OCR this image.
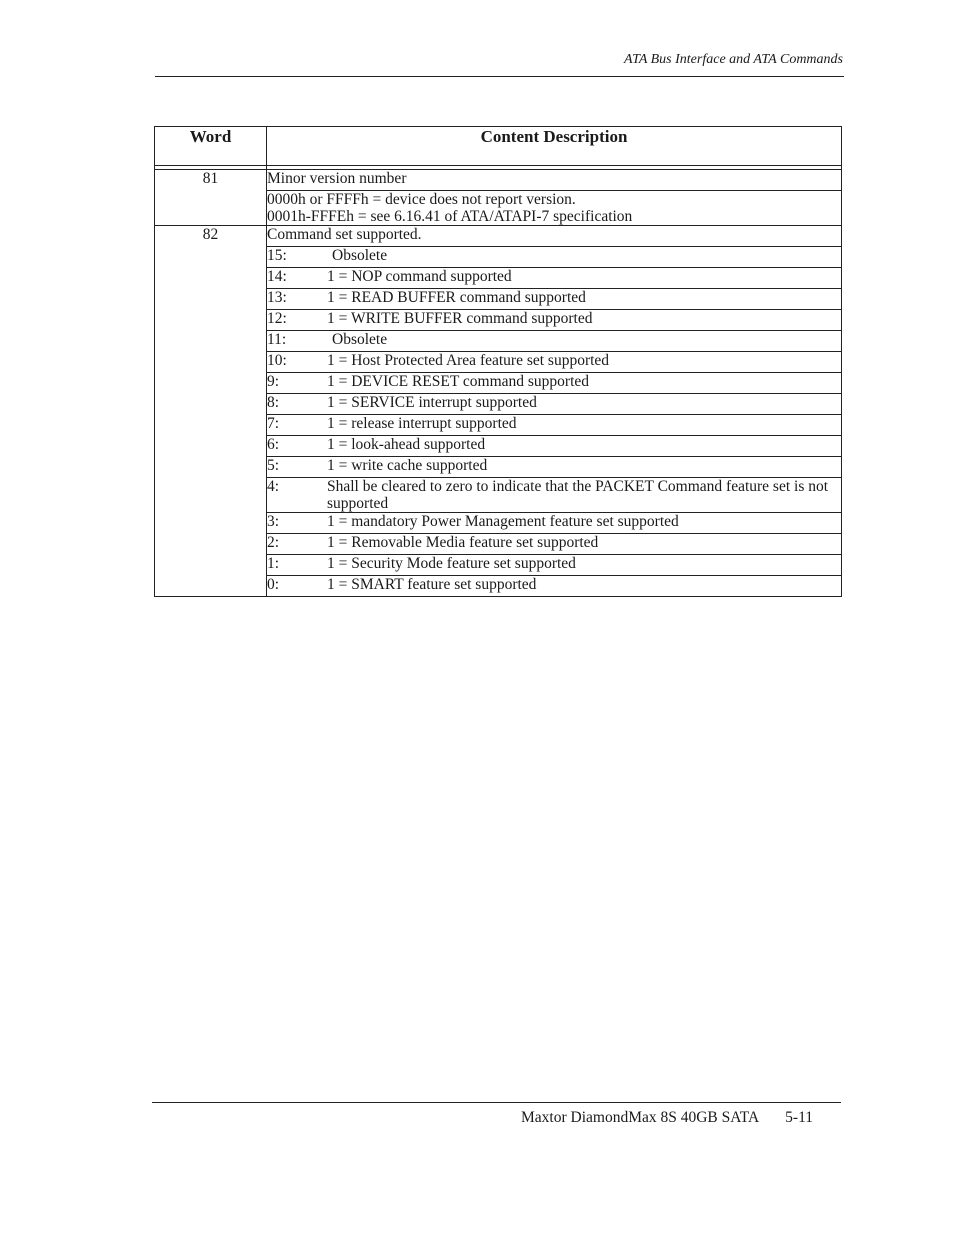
ATA Bus Interface and ATA Commands
Word	Content Description

81	Minor version number

	0000h or FFFFh = device does not report version.
0001h-FFFEh = see 6.16.41 of ATA/ATAPI-7 specification

82	Command set supported.

	15: Obsolete

	14: 1 = NOP command supported

	13: 1 = READ BUFFER command supported

	12: 1 = WRITE BUFFER command supported

	11: Obsolete

	10: 1 = Host Protected Area feature set supported

	9: 1 = DEVICE RESET command supported

	8: 1 = SERVICE interrupt supported

	7: 1 = release interrupt supported

	6: 1 = look-ahead supported

	5: 1 = write cache supported

	4: Shall be cleared to zero to indicate that the PACKET Command feature set is not supported

	3: 1 = mandatory Power Management feature set supported

	2: 1 = Removable Media feature set supported

	1: 1 = Security Mode feature set supported

	0: 1 = SMART feature set supported
Maxtor DiamondMax 8S 40GB SATA 5-11
